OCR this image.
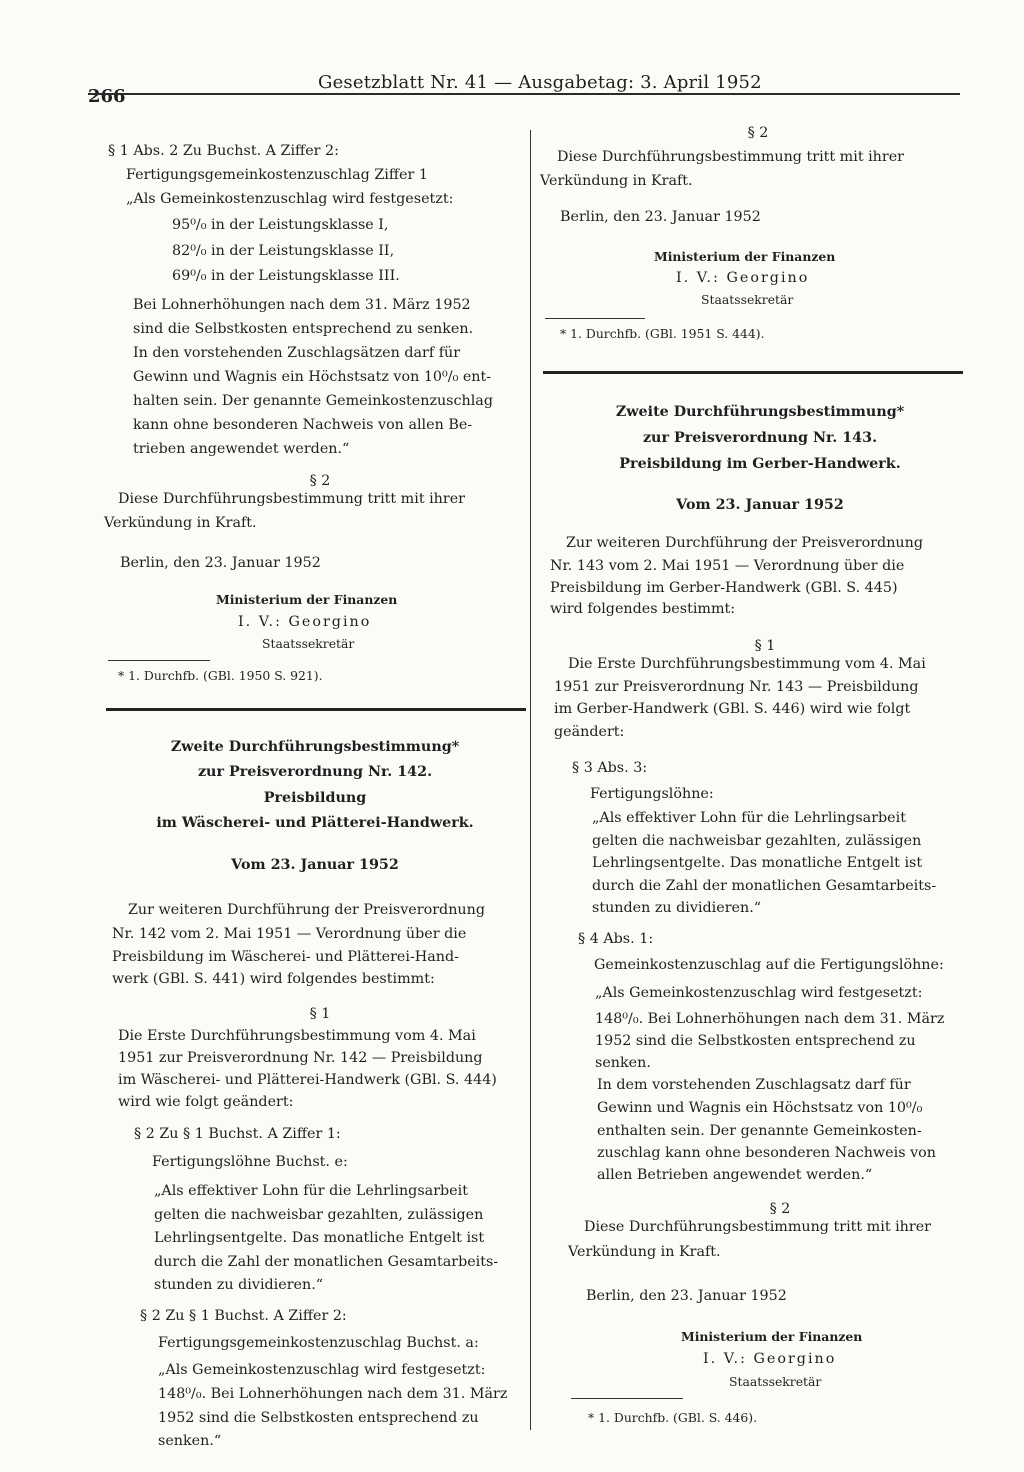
266
Gesetzblatt Nr. 41 — Ausgabetag: 3. April 1952
§ 1 Abs. 2 Zu Buchst. A Ziffer 2:
Fertigungsgemeinkostenzuschlag Ziffer 1
„Als Gemeinkostenzuschlag wird festgesetzt:
95⁰/₀ in der Leistungsklasse I,
82⁰/₀ in der Leistungsklasse II,
69⁰/₀ in der Leistungsklasse III.
Bei Lohnerhöhungen nach dem 31. März 1952
sind die Selbstkosten entsprechend zu senken.
In den vorstehenden Zuschlagsätzen darf für
Gewinn und Wagnis ein Höchstsatz von 10⁰/₀ ent-
halten sein. Der genannte Gemeinkostenzuschlag
kann ohne besonderen Nachweis von allen Be-
trieben angewendet werden.“
§ 2
Diese Durchführungsbestimmung tritt mit ihrer
Verkündung in Kraft.
Berlin, den 23. Januar 1952
Ministerium der Finanzen
I. V.: Georgino
Staatssekretär
* 1. Durchfb. (GBl. 1950 S. 921).
Zweite Durchführungsbestimmung*
zur Preisverordnung Nr. 142.
Preisbildung
im Wäscherei- und Plätterei-Handwerk.
Vom 23. Januar 1952
Zur weiteren Durchführung der Preisverordnung
Nr. 142 vom 2. Mai 1951 — Verordnung über die
Preisbildung im Wäscherei- und Plätterei-Hand-
werk (GBl. S. 441) wird folgendes bestimmt:
§ 1
Die Erste Durchführungsbestimmung vom 4. Mai
1951 zur Preisverordnung Nr. 142 — Preisbildung
im Wäscherei- und Plätterei-Handwerk (GBl. S. 444)
wird wie folgt geändert:
§ 2 Zu § 1 Buchst. A Ziffer 1:
Fertigungslöhne Buchst. e:
„Als effektiver Lohn für die Lehrlingsarbeit
gelten die nachweisbar gezahlten, zulässigen
Lehrlingsentgelte. Das monatliche Entgelt ist
durch die Zahl der monatlichen Gesamtarbeits-
stunden zu dividieren.“
§ 2 Zu § 1 Buchst. A Ziffer 2:
Fertigungsgemeinkostenzuschlag Buchst. a:
„Als Gemeinkostenzuschlag wird festgesetzt:
148⁰/₀. Bei Lohnerhöhungen nach dem 31. März
1952 sind die Selbstkosten entsprechend zu
senken.“
§ 2
Diese Durchführungsbestimmung tritt mit ihrer
Verkündung in Kraft.
Berlin, den 23. Januar 1952
Ministerium der Finanzen
I. V.: Georgino
Staatssekretär
* 1. Durchfb. (GBl. 1951 S. 444).
Zweite Durchführungsbestimmung*
zur Preisverordnung Nr. 143.
Preisbildung im Gerber-Handwerk.
Vom 23. Januar 1952
Zur weiteren Durchführung der Preisverordnung
Nr. 143 vom 2. Mai 1951 — Verordnung über die
Preisbildung im Gerber-Handwerk (GBl. S. 445)
wird folgendes bestimmt:
§ 1
Die Erste Durchführungsbestimmung vom 4. Mai
1951 zur Preisverordnung Nr. 143 — Preisbildung
im Gerber-Handwerk (GBl. S. 446) wird wie folgt
geändert:
§ 3 Abs. 3:
Fertigungslöhne:
„Als effektiver Lohn für die Lehrlingsarbeit
gelten die nachweisbar gezahlten, zulässigen
Lehrlingsentgelte. Das monatliche Entgelt ist
durch die Zahl der monatlichen Gesamtarbeits-
stunden zu dividieren.“
§ 4 Abs. 1:
Gemeinkostenzuschlag auf die Fertigungslöhne:
„Als Gemeinkostenzuschlag wird festgesetzt:
148⁰/₀. Bei Lohnerhöhungen nach dem 31. März
1952 sind die Selbstkosten entsprechend zu
senken.
In dem vorstehenden Zuschlagsatz darf für
Gewinn und Wagnis ein Höchstsatz von 10⁰/₀
enthalten sein. Der genannte Gemeinkosten-
zuschlag kann ohne besonderen Nachweis von
allen Betrieben angewendet werden.“
§ 2
Diese Durchführungsbestimmung tritt mit ihrer
Verkündung in Kraft.
Berlin, den 23. Januar 1952
Ministerium der Finanzen
I. V.: Georgino
Staatssekretär
* 1. Durchfb. (GBl. S. 446).
